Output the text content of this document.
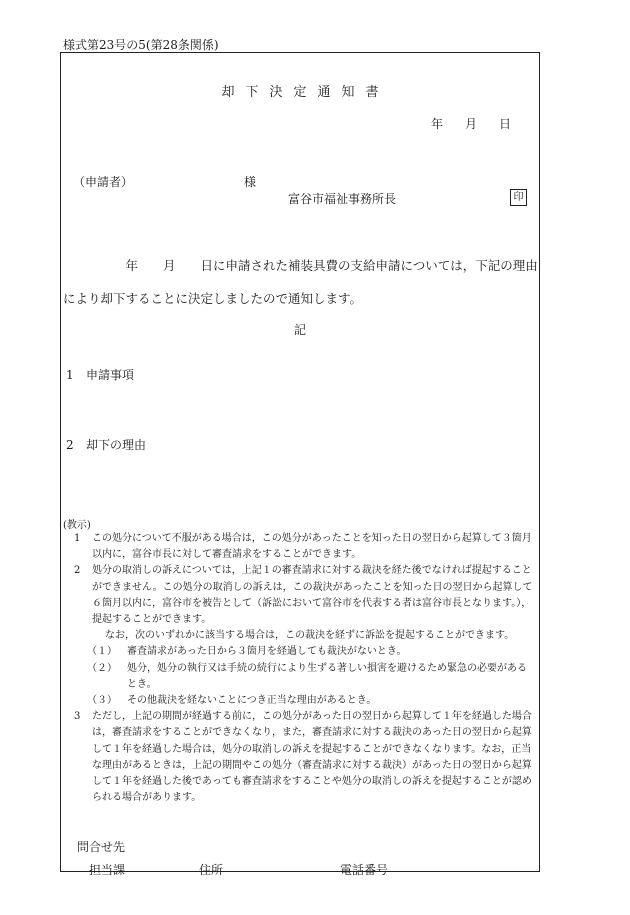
様式第23号の5(第28条関係)
却下決定通知書
年 月 日
（申請者）	様
富谷市福祉事務所長	印
　　　　　年　　月　　日に申請された補装具費の支給申請については，下記の理由により却下することに決定しましたので通知します。
記
1 申請事項
2 却下の理由
(教示)
1	この処分について不服がある場合は，この処分があったことを知った日の翌日から起算して３箇月以内に，富谷市長に対して審査請求をすることができます。
2	処分の取消しの訴えについては，上記１の審査請求に対する裁決を経た後でなければ提起することができません。この処分の取消しの訴えは，この裁決があったことを知った日の翌日から起算して６箇月以内に，富谷市を被告として（訴訟において富谷市を代表する者は富谷市長となります。），提起することができます。
なお，次のいずれかに該当する場合は，この裁決を経ずに訴訟を提起することができます。
（１）	審査請求があった日から３箇月を経過しても裁決がないとき。
（２）	処分，処分の執行又は手続の続行により生ずる著しい損害を避けるため緊急の必要があるとき。
（３）	その他裁決を経ないことにつき正当な理由があるとき。
3	ただし，上記の期間が経過する前に，この処分があった日の翌日から起算して１年を経過した場合は，審査請求をすることができなくなり，また，審査請求に対する裁決のあった日の翌日から起算して１年を経過した場合は，処分の取消しの訴えを提起することができなくなります。なお，正当な理由があるときは，上記の期間やこの処分（審査請求に対する裁決）があった日の翌日から起算して１年を経過した後であっても審査請求をすることや処分の取消しの訴えを提起することが認められる場合があります。
問合せ先
担当課	住所	電話番号
